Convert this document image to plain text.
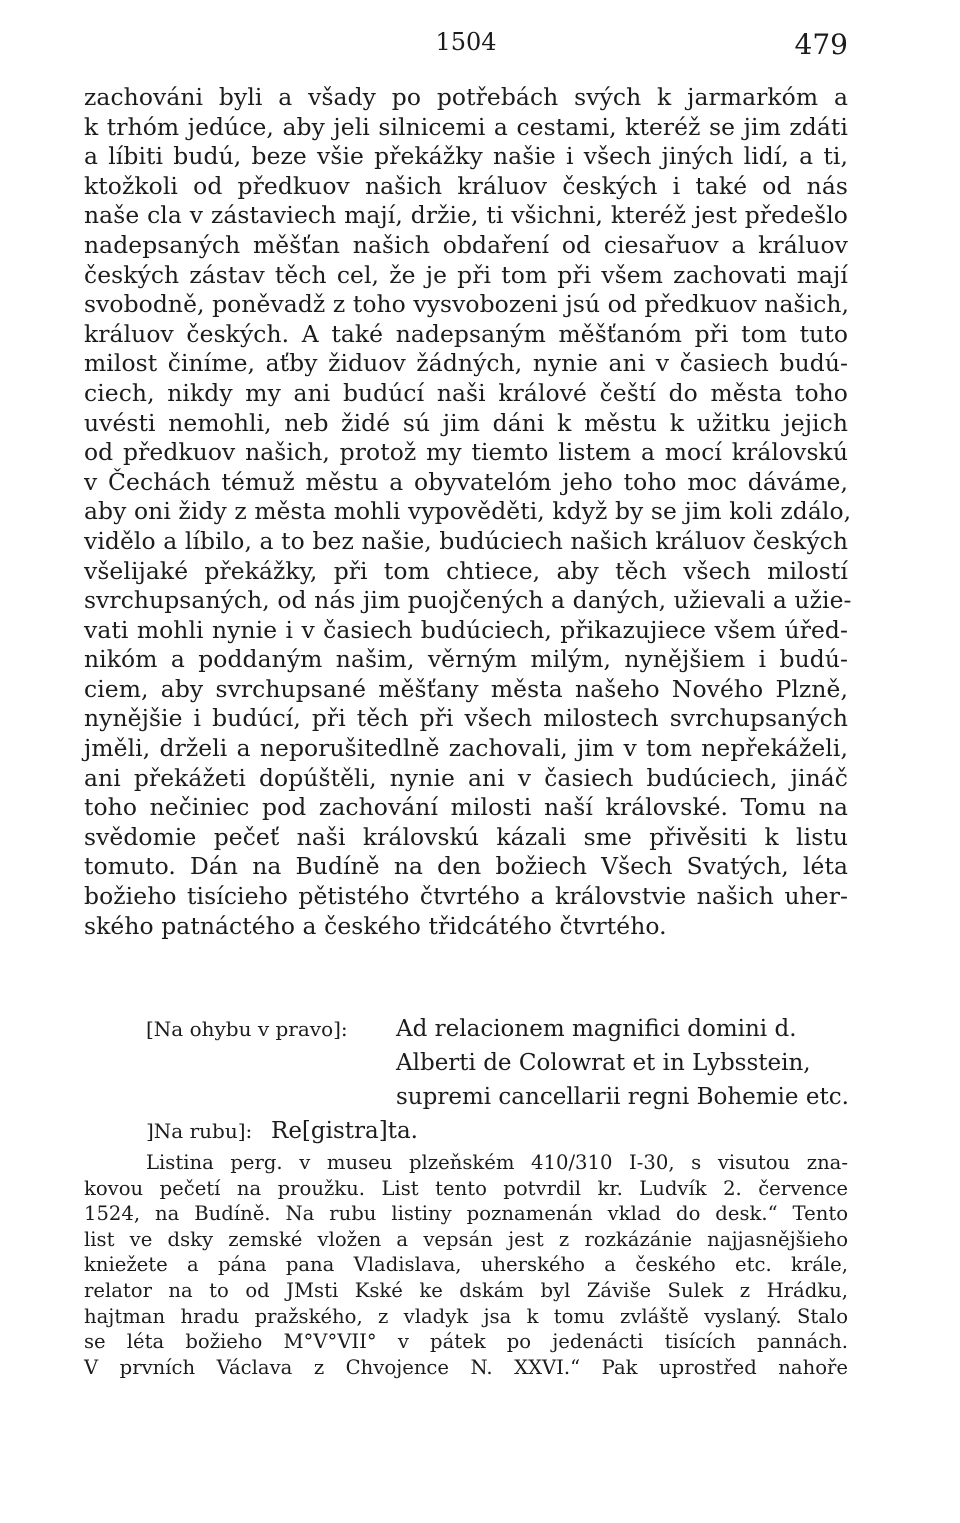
1504	479
zachováni byli a všady po potřebách svých k jarmarkóm a
k trhóm jedúce, aby jeli silnicemi a cestami, kteréž se jim zdáti
a líbiti budú, beze všie překážky našie i všech jiných lidí, a ti,
ktožkoli od předkuov našich králuov českých i také od nás
naše cla v zástaviech mají, držie, ti všichni, kteréž jest předešlo
nadepsaných měšťan našich obdaření od ciesařuov a králuov
českých zástav těch cel, že je při tom při všem zachovati mají
svobodně, poněvadž z toho vysvobozeni jsú od předkuov našich,
králuov českých. A také nadepsaným měšťanóm při tom tuto
milost činíme, aťby židuov žádných, nynie ani v časiech budú-
ciech, nikdy my ani budúcí naši králové čeští do města toho
uvésti nemohli, neb židé sú jim dáni k městu k užitku jejich
od předkuov našich, protož my tiemto listem a mocí královskú
v Čechách témuž městu a obyvatelóm jeho toho moc dáváme,
aby oni židy z města mohli vypověděti, když by se jim koli zdálo,
vidělo a líbilo, a to bez našie, budúciech našich králuov českých
všelijaké překážky, při tom chtiece, aby těch všech milostí
svrchupsaných, od nás jim puojčených a daných, užievali a užie-
vati mohli nynie i v časiech budúciech, přikazujiece všem úřed-
nikóm a poddaným našim, věrným milým, nynějšiem i budú-
ciem, aby svrchupsané měšťany města našeho Nového Plzně,
nynějšie i budúcí, při těch při všech milostech svrchupsaných
jměli, drželi a neporušitedlně zachovali, jim v tom nepřekáželi,
ani překážeti dopúštěli, nynie ani v časiech budúciech, jináč
toho nečiniec pod zachování milosti naší královské. Tomu na
svědomie pečeť naši královskú kázali sme přivěsiti k listu
tomuto. Dán na Budíně na den božiech Všech Svatých, léta
božieho tisícieho pětistého čtvrtého a královstvie našich uher-
ského patnáctého a českého třidcátého čtvrtého.
[Na ohybu v pravo]: Ad relacionem magnifici domini d.
Alberti de Colowrat et in Lybsstein,
supremi cancellarii regni Bohemie etc.
]Na rubu]: Re[gistra]ta.
Listina perg. v museu plzeňském 410/310 I-30, s visutou zna-
kovou pečetí na proužku. List tento potvrdil kr. Ludvík 2. července
1524, na Budíně. Na rubu listiny poznamenán vklad do desk.“ Tento
list ve dsky zemské vložen a vepsán jest z rozkázánie najjasnějšieho
kniežete a pána pana Vladislava, uherského a českého etc. krále,
relator na to od JMsti Kské ke dskám byl Záviše Sulek z Hrádku,
hajtman hradu pražského, z vladyk jsa k tomu zvláště vyslaný. Stalo
se léta božieho M°V°VII° v pátek po jedenácti tisících pannách.
V prvních Václava z Chvojence N. XXVI.“ Pak uprostřed nahoře
